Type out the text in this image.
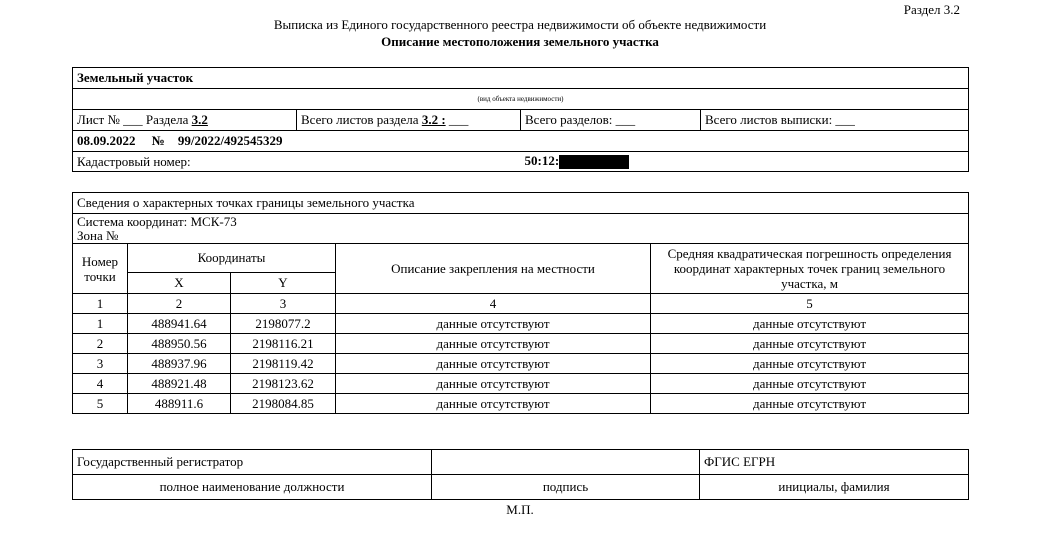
Раздел 3.2
Выписка из Единого государственного реестра недвижимости об объекте недвижимости
Описание местоположения земельного участка
Земельный участок			
(вид объекта недвижимости)			
Лист № ___ Раздела 3.2	Всего листов раздела 3.2 : ___	Всего разделов: ___	Всего листов выписки: ___
08.09.2022 № 99/2022/492545329			
Кадастровый номер:		50:12:	
Сведения о характерных точках границы земельного участка				

Система координат: МСК-73
Зона №				

Номер точки	Координаты		Описание закрепления на местности	Средняя квадратическая погрешность определения координат характерных точек границ земельного участка, м
	X	Y		
1	2	3	4	5
1	488941.64	2198077.2	данные отсутствуют	данные отсутствуют
2	488950.56	2198116.21	данные отсутствуют	данные отсутствуют
3	488937.96	2198119.42	данные отсутствуют	данные отсутствуют
4	488921.48	2198123.62	данные отсутствуют	данные отсутствуют
5	488911.6	2198084.85	данные отсутствуют	данные отсутствуют
Государственный регистратор		ФГИС ЕГРН
полное наименование должности	подпись	инициалы, фамилия
М.П.
